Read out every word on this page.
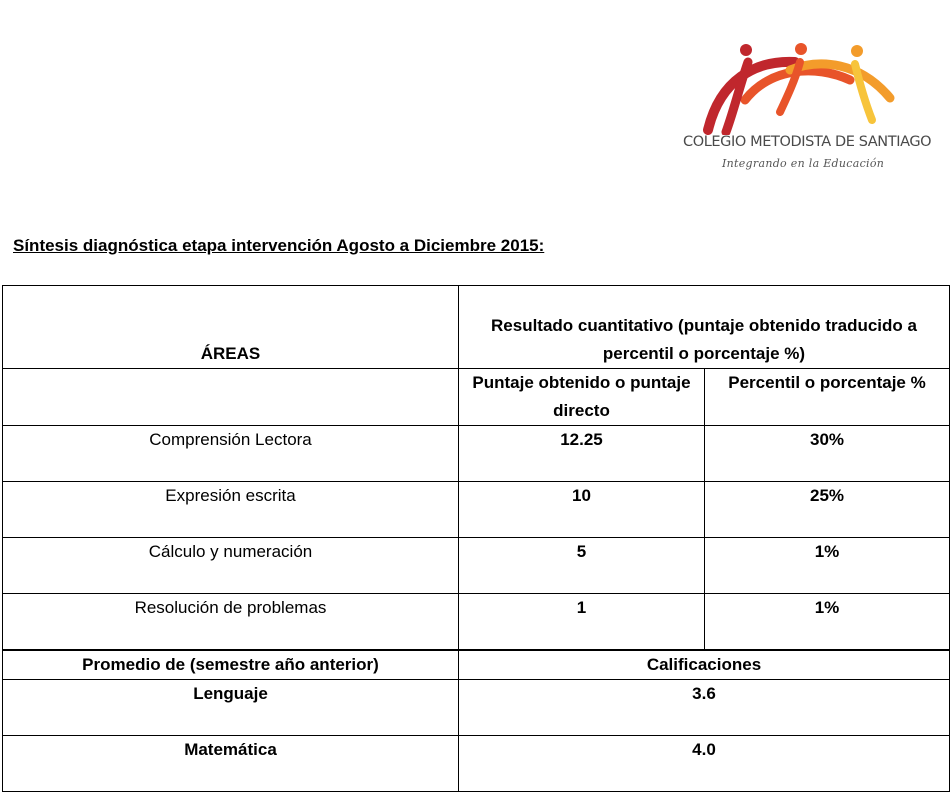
COLEGIO METODISTA DE SANTIAGO
Integrando en la Educación
Síntesis diagnóstica etapa intervención Agosto a Diciembre 2015:
ÁREAS	Resultado cuantitativo (puntaje obtenido traducido a percentil o porcentaje %)	
	Puntaje obtenido o puntaje directo	Percentil o porcentaje %
Comprensión Lectora	12.25	30%
Expresión escrita	10	25%
Cálculo y numeración	5	1%
Resolución de problemas	1	1%
Promedio de (semestre año anterior)	Calificaciones	
Lenguaje	3.6	
Matemática	4.0	
